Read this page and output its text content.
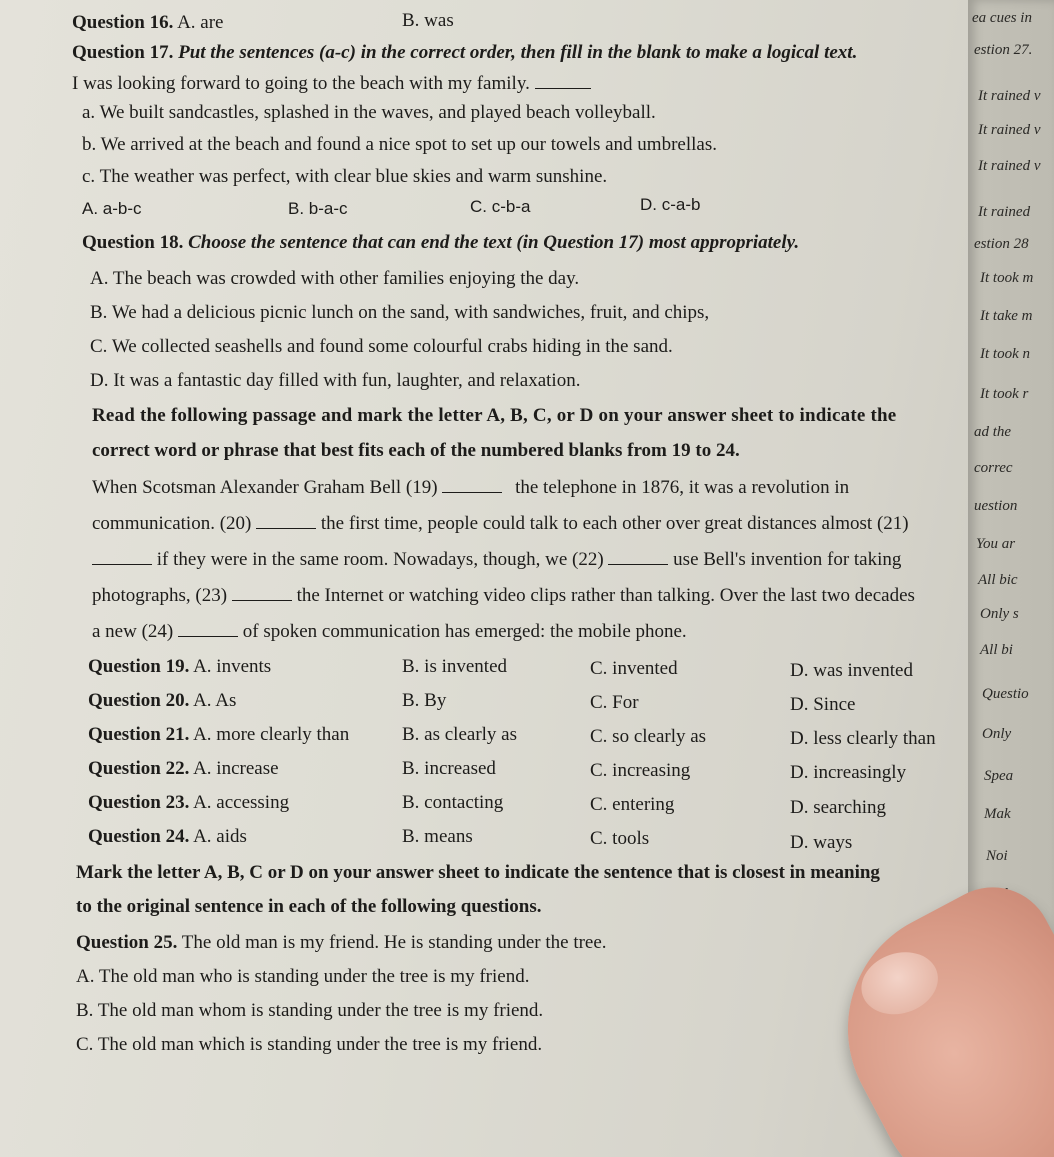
Question 16. A. are	B. was
Question 17. Put the sentences (a-c) in the correct order, then fill in the blank to make a logical text.
I was looking forward to going to the beach with my family.
a. We built sandcastles, splashed in the waves, and played beach volleyball.
b. We arrived at the beach and found a nice spot to set up our towels and umbrellas.
c. The weather was perfect, with clear blue skies and warm sunshine.
A. a-b-c	B. b-a-c	C. c-b-a	D. c-a-b
Question 18. Choose the sentence that can end the text (in Question 17) most appropriately.
A. The beach was crowded with other families enjoying the day.
B. We had a delicious picnic lunch on the sand, with sandwiches, fruit, and chips,
C. We collected seashells and found some colourful crabs hiding in the sand.
D. It was a fantastic day filled with fun, laughter, and relaxation.
Read the following passage and mark the letter A, B, C, or D on your answer sheet to indicate the
correct word or phrase that best fits each of the numbered blanks from 19 to 24.
When Scotsman Alexander Graham Bell (19)	the telephone in 1876, it was a revolution in
communication. (20)	the first time, people could talk to each other over great distances almost (21)
if they were in the same room. Nowadays, though, we (22)	use Bell's invention for taking
photographs, (23)	the Internet or watching video clips rather than talking. Over the last two decades
a new (24)	of spoken communication has emerged: the mobile phone.
Question 19. A. invents	B. is invented	C. invented	D. was invented
Question 20. A. As	B. By	C. For	D. Since
Question 21. A. more clearly than	B. as clearly as	C. so clearly as	D. less clearly than
Question 22. A. increase	B. increased	C. increasing	D. increasingly
Question 23. A. accessing	B. contacting	C. entering	D. searching
Question 24. A. aids	B. means	C. tools	D. ways
Mark the letter A, B, C or D on your answer sheet to indicate the sentence that is closest in meaning
to the original sentence in each of the following questions.
Question 25. The old man is my friend. He is standing under the tree.
A. The old man who is standing under the tree is my friend.
B. The old man whom is standing under the tree is my friend.
C. The old man which is standing under the tree is my friend.
ea cues in
estion 27.
It rained v
It rained v
It rained v
It rained
estion 28
It took m
It take m
It took n
It took r
ad the
correc
uestion
You ar
All bic
Only s
All bi
Questio
Only
Spea
Mak
Noi
